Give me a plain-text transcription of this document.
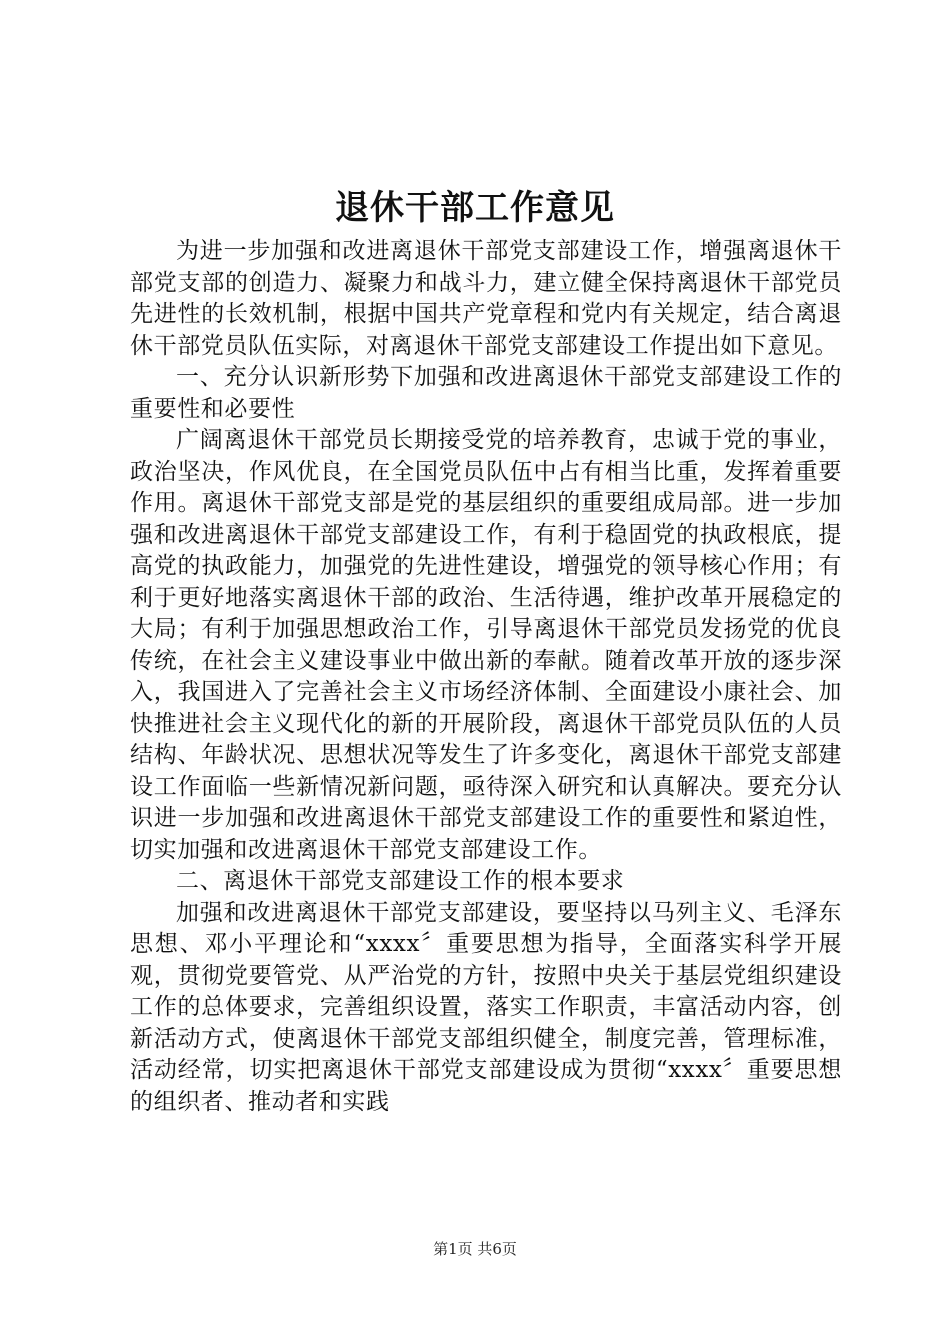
退休干部工作意见

为进一步加强和改进离退休干部党支部建设工作，增强离退休干部党支部的创造力、凝聚力和战斗力，建立健全保持离退休干部党员先进性的长效机制，根据中国共产党章程和党内有关规定，结合离退休干部党员队伍实际，对离退休干部党支部建设工作提出如下意见。

一、充分认识新形势下加强和改进离退休干部党支部建设工作的重要性和必要性

广阔离退休干部党员长期接受党的培养教育，忠诚于党的事业，政治坚决，作风优良，在全国党员队伍中占有相当比重，发挥着重要作用。离退休干部党支部是党的基层组织的重要组成局部。进一步加强和改进离退休干部党支部建设工作，有利于稳固党的执政根底，提高党的执政能力，加强党的先进性建设，增强党的领导核心作用；有利于更好地落实离退休干部的政治、生活待遇，维护改革开展稳定的大局；有利于加强思想政治工作，引导离退休干部党员发扬党的优良传统，在社会主义建设事业中做出新的奉献。随着改革开放的逐步深入，我国进入了完善社会主义市场经济体制、全面建设小康社会、加快推进社会主义现代化的新的开展阶段，离退休干部党员队伍的人员结构、年龄状况、思想状况等发生了许多变化，离退休干部党支部建设工作面临一些新情况新问题，亟待深入研究和认真解决。要充分认识进一步加强和改进离退休干部党支部建设工作的重要性和紧迫性，切实加强和改进离退休干部党支部建设工作。

二、离退休干部党支部建设工作的根本要求

加强和改进离退休干部党支部建设，要坚持以马列主义、毛泽东思想、邓小平理论和“xxxx〞重要思想为指导，全面落实科学开展观，贯彻党要管党、从严治党的方针，按照中央关于基层党组织建设工作的总体要求，完善组织设置，落实工作职责，丰富活动内容，创新活动方式，使离退休干部党支部组织健全，制度完善，管理标准，活动经常，切实把离退休干部党支部建设成为贯彻“xxxx〞重要思想的组织者、推动者和实践

第1页 共6页
